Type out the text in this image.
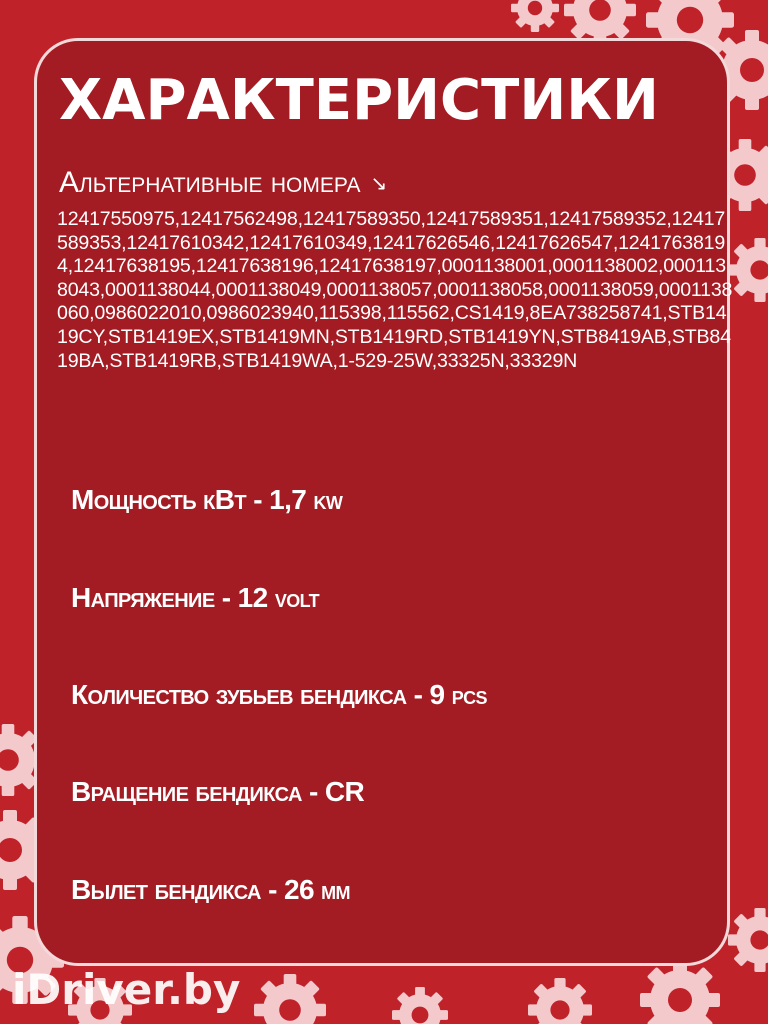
ХАРАКТЕРИСТИКИ
Альтернативные номера ↘
12417550975,12417562498,12417589350,12417589351,12417589352,12417589353,12417610342,12417610349,12417626546,12417626547,12417638194,12417638195,12417638196,12417638197,0001138001,0001138002,0001138043,0001138044,0001138049,0001138057,0001138058,0001138059,0001138060,0986022010,0986023940,115398,115562,CS1419,8EA738258741,STB1419CY,STB1419EX,STB1419MN,STB1419RD,STB1419YN,STB8419AB,STB8419BA,STB1419RB,STB1419WA,1-529-25W,33325N,33329N
Мощность кВт - 1,7 kw
Напряжение - 12 volt
Количество зубьев бендикса - 9 pcs
Вращение бендикса - CR
Вылет бендикса - 26 мм
iDriver.by
